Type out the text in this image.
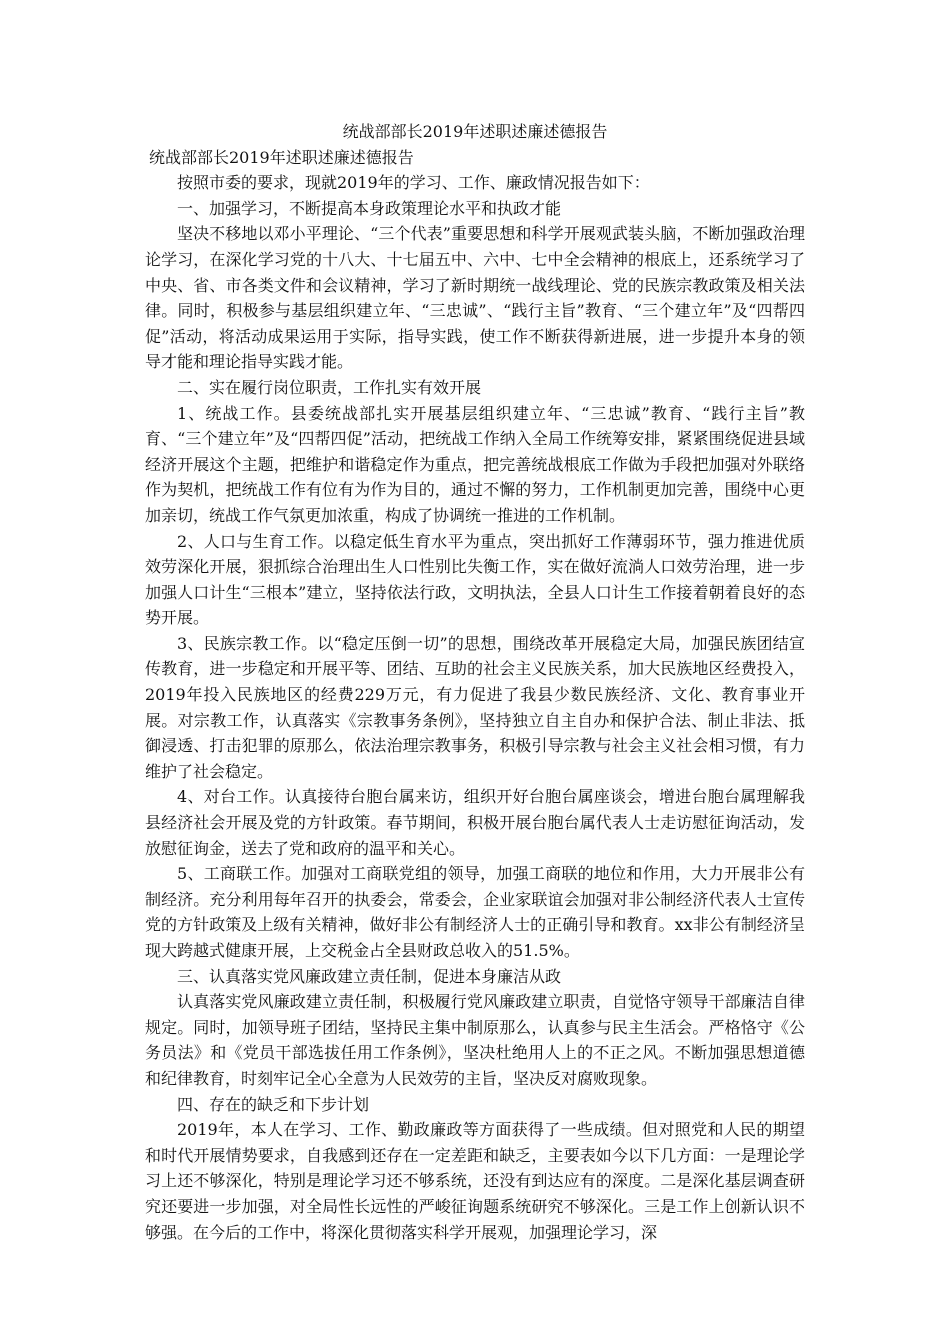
统战部部长2019年述职述廉述德报告
统战部部长2019年述职述廉述德报告

按照市委的要求，现就2019年的学习、工作、廉政情况报告如下：

一、加强学习，不断提高本身政策理论水平和执政才能

坚决不移地以邓小平理论、“三个代表”重要思想和科学开展观武装头脑，不断加强政治理论学习，在深化学习党的十八大、十七届五中、六中、七中全会精神的根底上，还系统学习了中央、省、市各类文件和会议精神，学习了新时期统一战线理论、党的民族宗教政策及相关法律。同时，积极参与基层组织建立年、“三忠诚”、“践行主旨”教育、“三个建立年”及“四帮四促”活动，将活动成果运用于实际，指导实践，使工作不断获得新进展，进一步提升本身的领导才能和理论指导实践才能。

二、实在履行岗位职责，工作扎实有效开展

1、统战工作。县委统战部扎实开展基层组织建立年、“三忠诚”教育、“践行主旨”教育、“三个建立年”及“四帮四促”活动，把统战工作纳入全局工作统筹安排，紧紧围绕促进县域经济开展这个主题，把维护和谐稳定作为重点，把完善统战根底工作做为手段把加强对外联络作为契机，把统战工作有位有为作为目的，通过不懈的努力，工作机制更加完善，围绕中心更加亲切，统战工作气氛更加浓重，构成了协调统一推进的工作机制。

2、人口与生育工作。以稳定低生育水平为重点，突出抓好工作薄弱环节，强力推进优质效劳深化开展，狠抓综合治理出生人口性别比失衡工作，实在做好流淌人口效劳治理，进一步加强人口计生“三根本”建立，坚持依法行政，文明执法，全县人口计生工作接着朝着良好的态势开展。

3、民族宗教工作。以“稳定压倒一切”的思想，围绕改革开展稳定大局，加强民族团结宣传教育，进一步稳定和开展平等、团结、互助的社会主义民族关系，加大民族地区经费投入，2019年投入民族地区的经费229万元，有力促进了我县少数民族经济、文化、教育事业开展。对宗教工作，认真落实《宗教事务条例》，坚持独立自主自办和保护合法、制止非法、抵御浸透、打击犯罪的原那么，依法治理宗教事务，积极引导宗教与社会主义社会相习惯，有力维护了社会稳定。

4、对台工作。认真接待台胞台属来访，组织开好台胞台属座谈会，增进台胞台属理解我县经济社会开展及党的方针政策。春节期间，积极开展台胞台属代表人士走访慰征询活动，发放慰征询金，送去了党和政府的温平和关心。

5、工商联工作。加强对工商联党组的领导，加强工商联的地位和作用，大力开展非公有制经济。充分利用每年召开的执委会，常委会，企业家联谊会加强对非公制经济代表人士宣传党的方针政策及上级有关精神，做好非公有制经济人士的正确引导和教育。xx非公有制经济呈现大跨越式健康开展，上交税金占全县财政总收入的51.5%。

三、认真落实党风廉政建立责任制，促进本身廉洁从政

认真落实党风廉政建立责任制，积极履行党风廉政建立职责，自觉恪守领导干部廉洁自律规定。同时，加领导班子团结，坚持民主集中制原那么，认真参与民主生活会。严格恪守《公务员法》和《党员干部选拔任用工作条例》，坚决杜绝用人上的不正之风。不断加强思想道德和纪律教育，时刻牢记全心全意为人民效劳的主旨，坚决反对腐败现象。

四、存在的缺乏和下步计划

2019年，本人在学习、工作、勤政廉政等方面获得了一些成绩。但对照党和人民的期望和时代开展情势要求，自我感到还存在一定差距和缺乏，主要表如今以下几方面：一是理论学习上还不够深化，特别是理论学习还不够系统，还没有到达应有的深度。二是深化基层调查研究还要进一步加强，对全局性长远性的严峻征询题系统研究不够深化。三是工作上创新认识不够强。在今后的工作中，将深化贯彻落实科学开展观，加强理论学习，深
